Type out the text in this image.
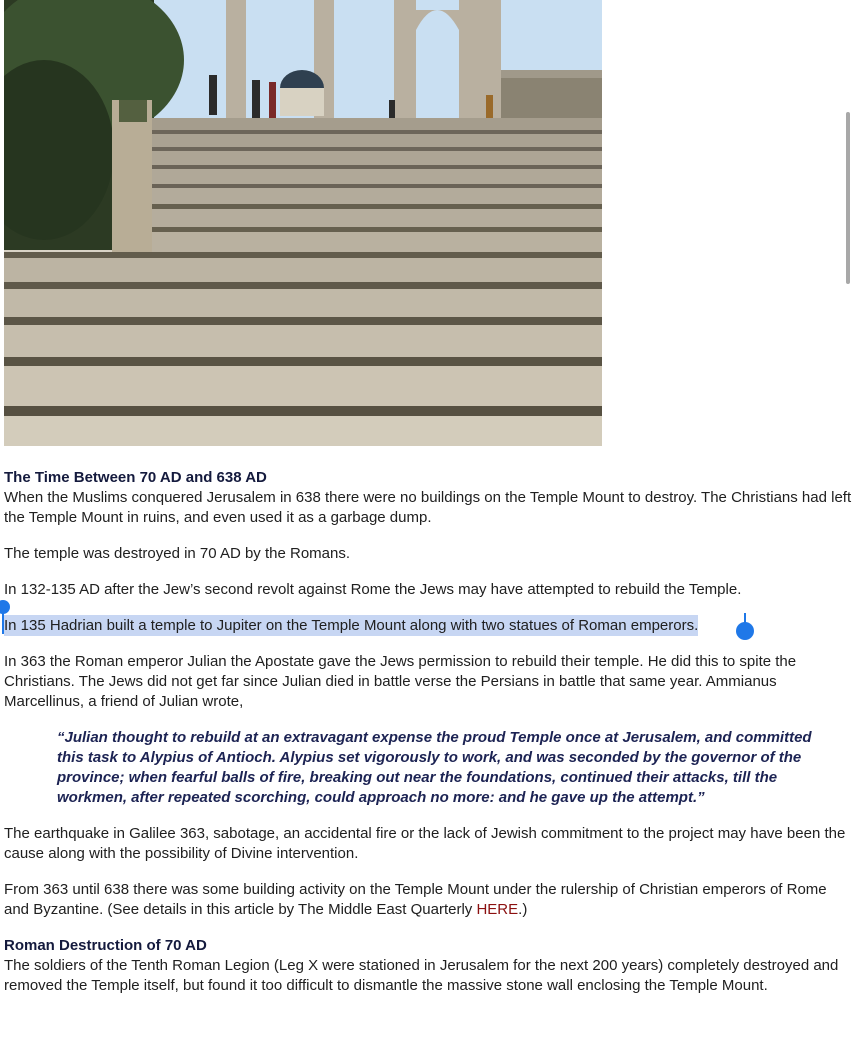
The Time Between 70 AD and 638 AD

When the Muslims conquered Jerusalem in 638 there were no buildings on the Temple Mount to destroy. The Christians had left the Temple Mount in ruins, and even used it as a garbage dump.

The temple was destroyed in 70 AD by the Romans.

In 132-135 AD after the Jew’s second revolt against Rome the Jews may have attempted to rebuild the Temple.

In 135 Hadrian built a temple to Jupiter on the Temple Mount along with two statues of Roman emperors.

In 363 the Roman emperor Julian the Apostate gave the Jews permission to rebuild their temple. He did this to spite the Christians. The Jews did not get far since Julian died in battle verse the Persians in battle that same year. Ammianus Marcellinus, a friend of Julian wrote,

“Julian thought to rebuild at an extravagant expense the proud Temple once at Jerusalem, and committed this task to Alypius of Antioch. Alypius set vigorously to work, and was seconded by the governor of the province; when fearful balls of fire, breaking out near the foundations, continued their attacks, till the workmen, after repeated scorching, could approach no more: and he gave up the attempt.”

The earthquake in Galilee 363, sabotage, an accidental fire or the lack of Jewish commitment to the project may have been the cause along with the possibility of Divine intervention.

From 363 until 638 there was some building activity on the Temple Mount under the rulership of Christian emperors of Rome and Byzantine. (See details in this article by The Middle East Quarterly HERE.)

Roman Destruction of 70 AD

The soldiers of the Tenth Roman Legion (Leg X were stationed in Jerusalem for the next 200 years) completely destroyed and removed the Temple itself, but found it too difficult to dismantle the massive stone wall enclosing the Temple Mount.
